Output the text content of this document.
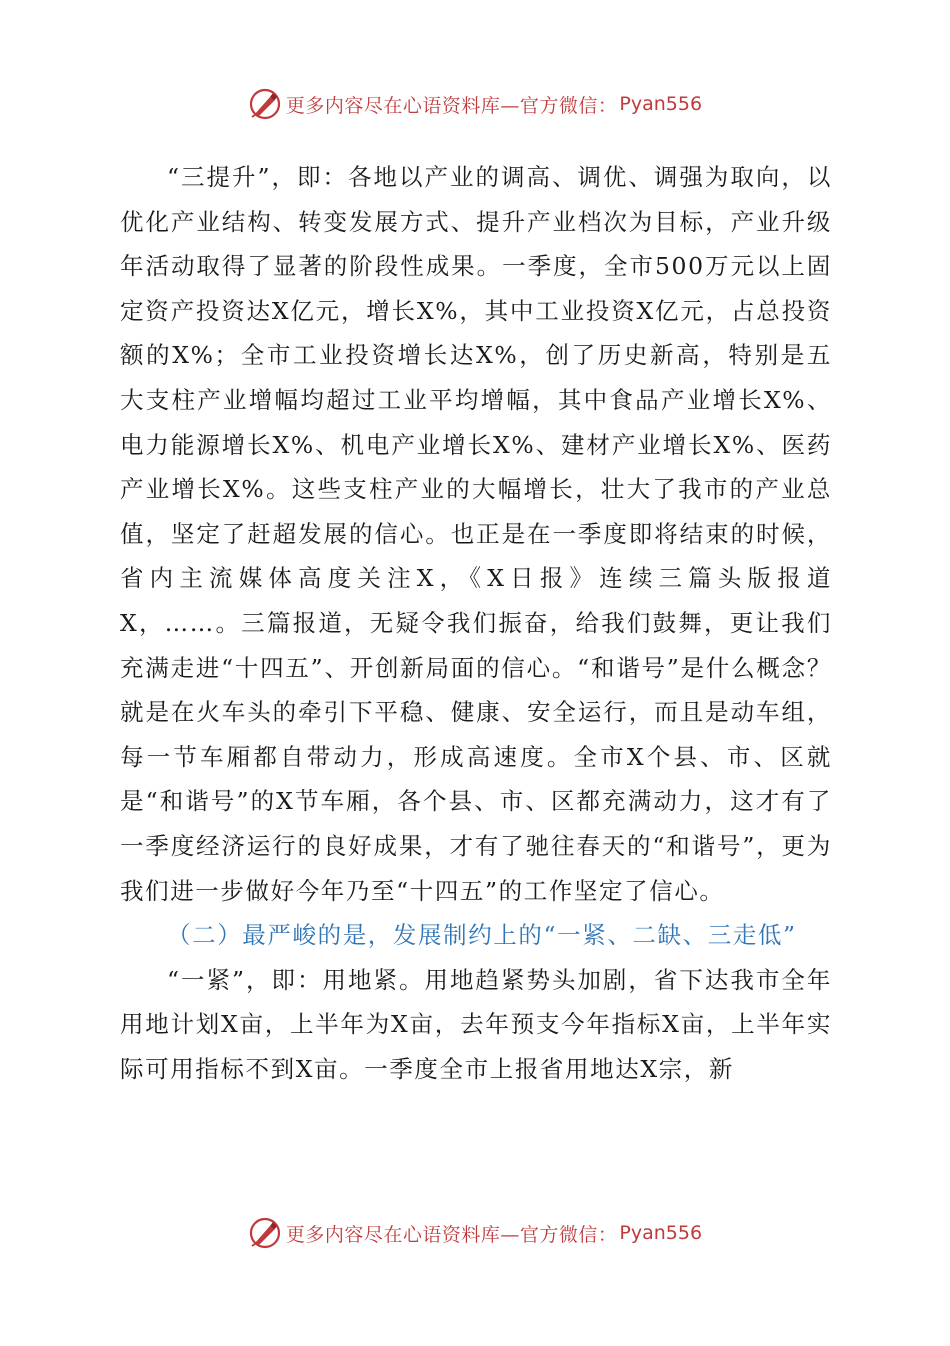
更多内容尽在心语资料库—官方微信： Pyan556

“三提升”，即：各地以产业的调高、调优、调强为取向，以优化产业结构、转变发展方式、提升产业档次为目标，产业升级年活动取得了显著的阶段性成果。一季度，全市500万元以上固定资产投资达X亿元，增长X%，其中工业投资X亿元，占总投资额的X%；全市工业投资增长达X%，创了历史新高，特别是五大支柱产业增幅均超过工业平均增幅，其中食品产业增长X%、电力能源增长X%、机电产业增长X%、建材产业增长X%、医药产业增长X%。这些支柱产业的大幅增长，壮大了我市的产业总值，坚定了赶超发展的信心。也正是在一季度即将结束的时候，省内主流媒体高度关注X，《X日报》连续三篇头版报道X，……。三篇报道，无疑令我们振奋，给我们鼓舞，更让我们充满走进“十四五”、开创新局面的信心。“和谐号”是什么概念？就是在火车头的牵引下平稳、健康、安全运行，而且是动车组，每一节车厢都自带动力，形成高速度。全市X个县、市、区就是“和谐号”的X节车厢，各个县、市、区都充满动力，这才有了一季度经济运行的良好成果，才有了驰往春天的“和谐号”，更为我们进一步做好今年乃至“十四五”的工作坚定了信心。

（二）最严峻的是，发展制约上的“一紧、二缺、三走低”

“一紧”，即：用地紧。用地趋紧势头加剧，省下达我市全年用地计划X亩，上半年为X亩，去年预支今年指标X亩，上半年实际可用指标不到X亩。一季度全市上报省用地达X宗，新

更多内容尽在心语资料库—官方微信： Pyan556
